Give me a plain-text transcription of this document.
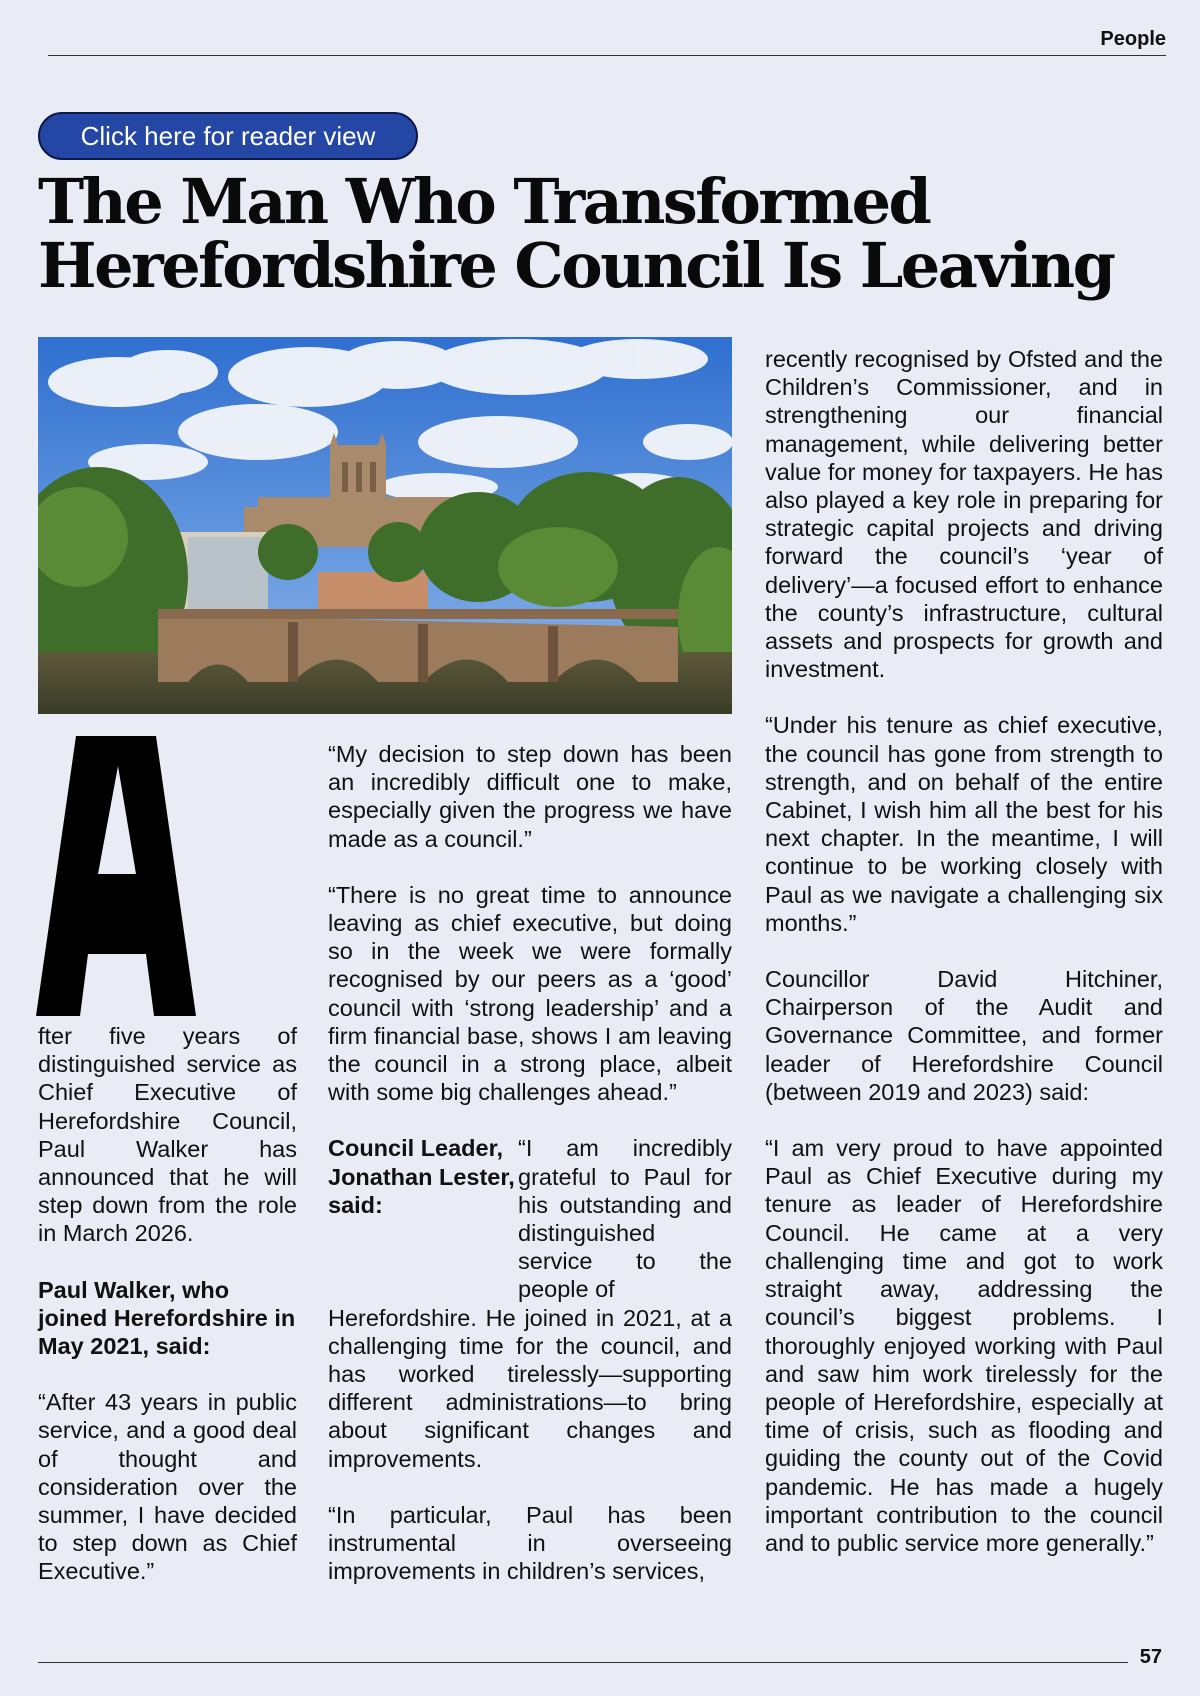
People
Click here for reader view
The Man Who Transformed
Herefordshire Council Is Leaving

fter five years of distinguished service as Chief Executive of Herefordshire Council, Paul Walker has announced that he will step down from the role in March 2026.

Paul Walker, who joined Herefordshire in May 2021, said:

“After 43 years in public service, and a good deal of thought and consideration over the summer, I have decided to step down as Chief Executive.”

“My decision to step down has been an incredibly difficult one to make, especially given the progress we have made as a council.”

“There is no great time to announce leaving as chief executive, but doing so in the week we were formally recognised by our peers as a ‘good’ council with ‘strong leadership’ and a firm financial base, shows I am leaving the council in a strong place, albeit with some big challenges ahead.”

Council Leader, Jonathan Lester, said:
“I am incredibly grateful to Paul for his outstanding and distinguished service to the people of

Herefordshire. He joined in 2021, at a challenging time for the council, and has worked tirelessly—supporting different administrations—to bring about significant changes and improvements.

“In particular, Paul has been instrumental in overseeing improvements in children’s services,

recently recognised by Ofsted and the Children’s Commissioner, and in strengthening our financial management, while delivering better value for money for taxpayers. He has also played a key role in preparing for strategic capital projects and driving forward the council’s ‘year of delivery’—a focused effort to enhance the county’s infrastructure, cultural assets and prospects for growth and investment.

“Under his tenure as chief executive, the council has gone from strength to strength, and on behalf of the entire Cabinet, I wish him all the best for his next chapter. In the meantime, I will continue to be working closely with Paul as we navigate a challenging six months.”

Councillor David Hitchiner, Chairperson of the Audit and Governance Committee, and former leader of Herefordshire Council (between 2019 and 2023) said:

“I am very proud to have appointed Paul as Chief Executive during my tenure as leader of Herefordshire Council. He came at a very challenging time and got to work straight away, addressing the council’s biggest problems. I thoroughly enjoyed working with Paul and saw him work tirelessly for the people of Herefordshire, especially at time of crisis, such as flooding and guiding the county out of the Covid pandemic. He has made a hugely important contribution to the council and to public service more generally.”

57
